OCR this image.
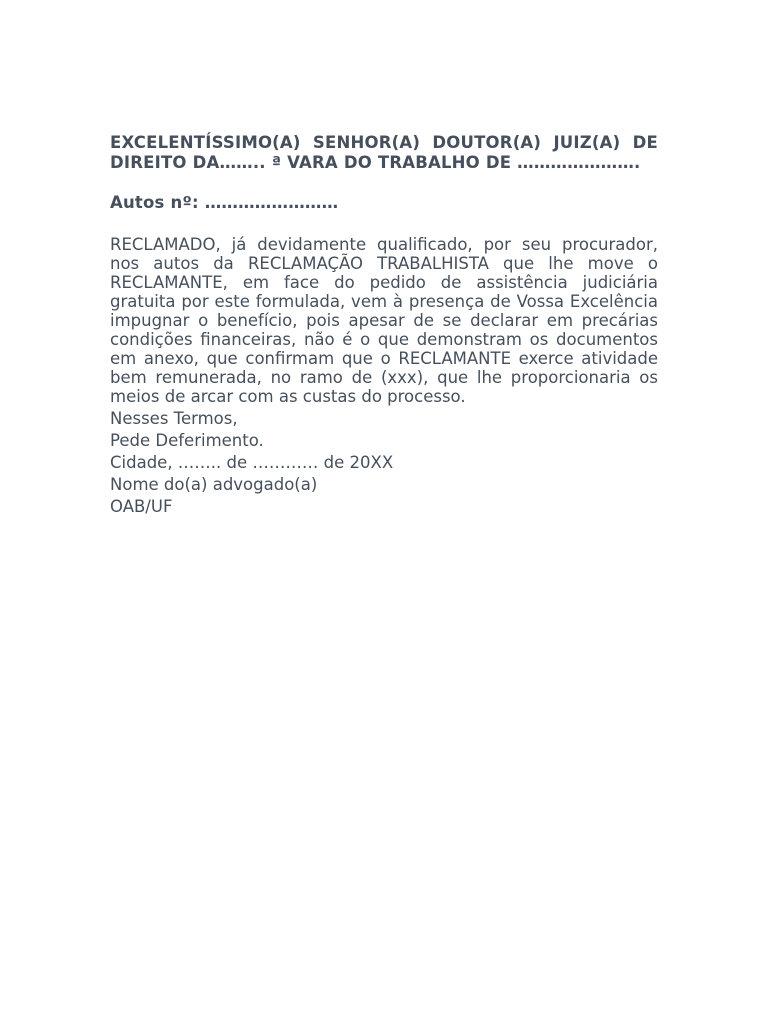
EXCELENTÍSSIMO(A) SENHOR(A) DOUTOR(A) JUIZ(A) DE DIREITO DA…….. ª VARA DO TRABALHO DE ………………….

Autos nº: ……………………

RECLAMADO, já devidamente qualificado, por seu procurador, nos autos da RECLAMAÇÃO TRABALHISTA que lhe move o RECLAMANTE, em face do pedido de assistência judiciária gratuita por este formulada, vem à presença de Vossa Excelência impugnar o benefício, pois apesar de se declarar em precárias condições financeiras, não é o que demonstram os documentos em anexo, que confirmam que o RECLAMANTE exerce atividade bem remunerada, no ramo de (xxx), que lhe proporcionaria os meios de arcar com as custas do processo.

Nesses Termos,

Pede Deferimento.

Cidade, …….. de ………… de 20XX

Nome do(a) advogado(a)

OAB/UF
